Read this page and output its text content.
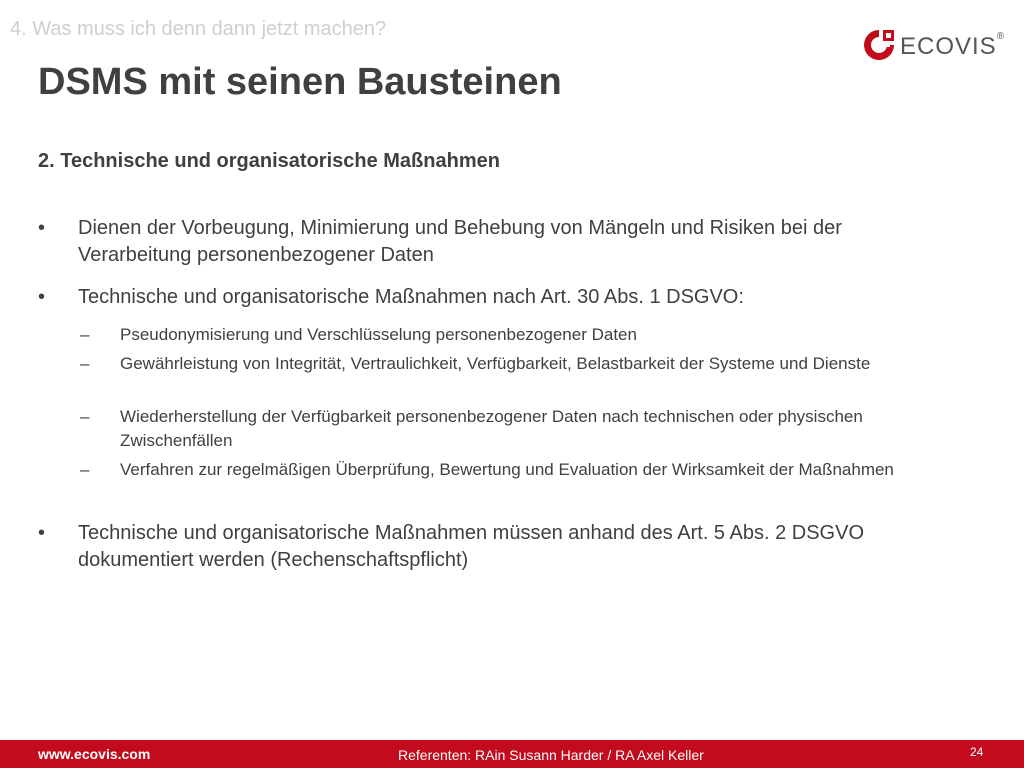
4. Was muss ich denn dann jetzt machen?
ECOVIS®
DSMS mit seinen Bausteinen
2. Technische und organisatorische Maßnahmen
• Dienen der Vorbeugung, Minimierung und Behebung von Mängeln und Risiken bei der Verarbeitung personenbezogener Daten
• Technische und organisatorische Maßnahmen nach Art. 30 Abs. 1 DSGVO:
– Pseudonymisierung und Verschlüsselung personenbezogener Daten
– Gewährleistung von Integrität, Vertraulichkeit, Verfügbarkeit, Belastbarkeit der Systeme und Dienste
– Wiederherstellung der Verfügbarkeit personenbezogener Daten nach technischen oder physischen Zwischenfällen
– Verfahren zur regelmäßigen Überprüfung, Bewertung und Evaluation der Wirksamkeit der Maßnahmen
• Technische und organisatorische Maßnahmen müssen anhand des Art. 5 Abs. 2 DSGVO dokumentiert werden (Rechenschaftspflicht)
www.ecovis.com	Referenten: RAin Susann Harder / RA Axel Keller	24
